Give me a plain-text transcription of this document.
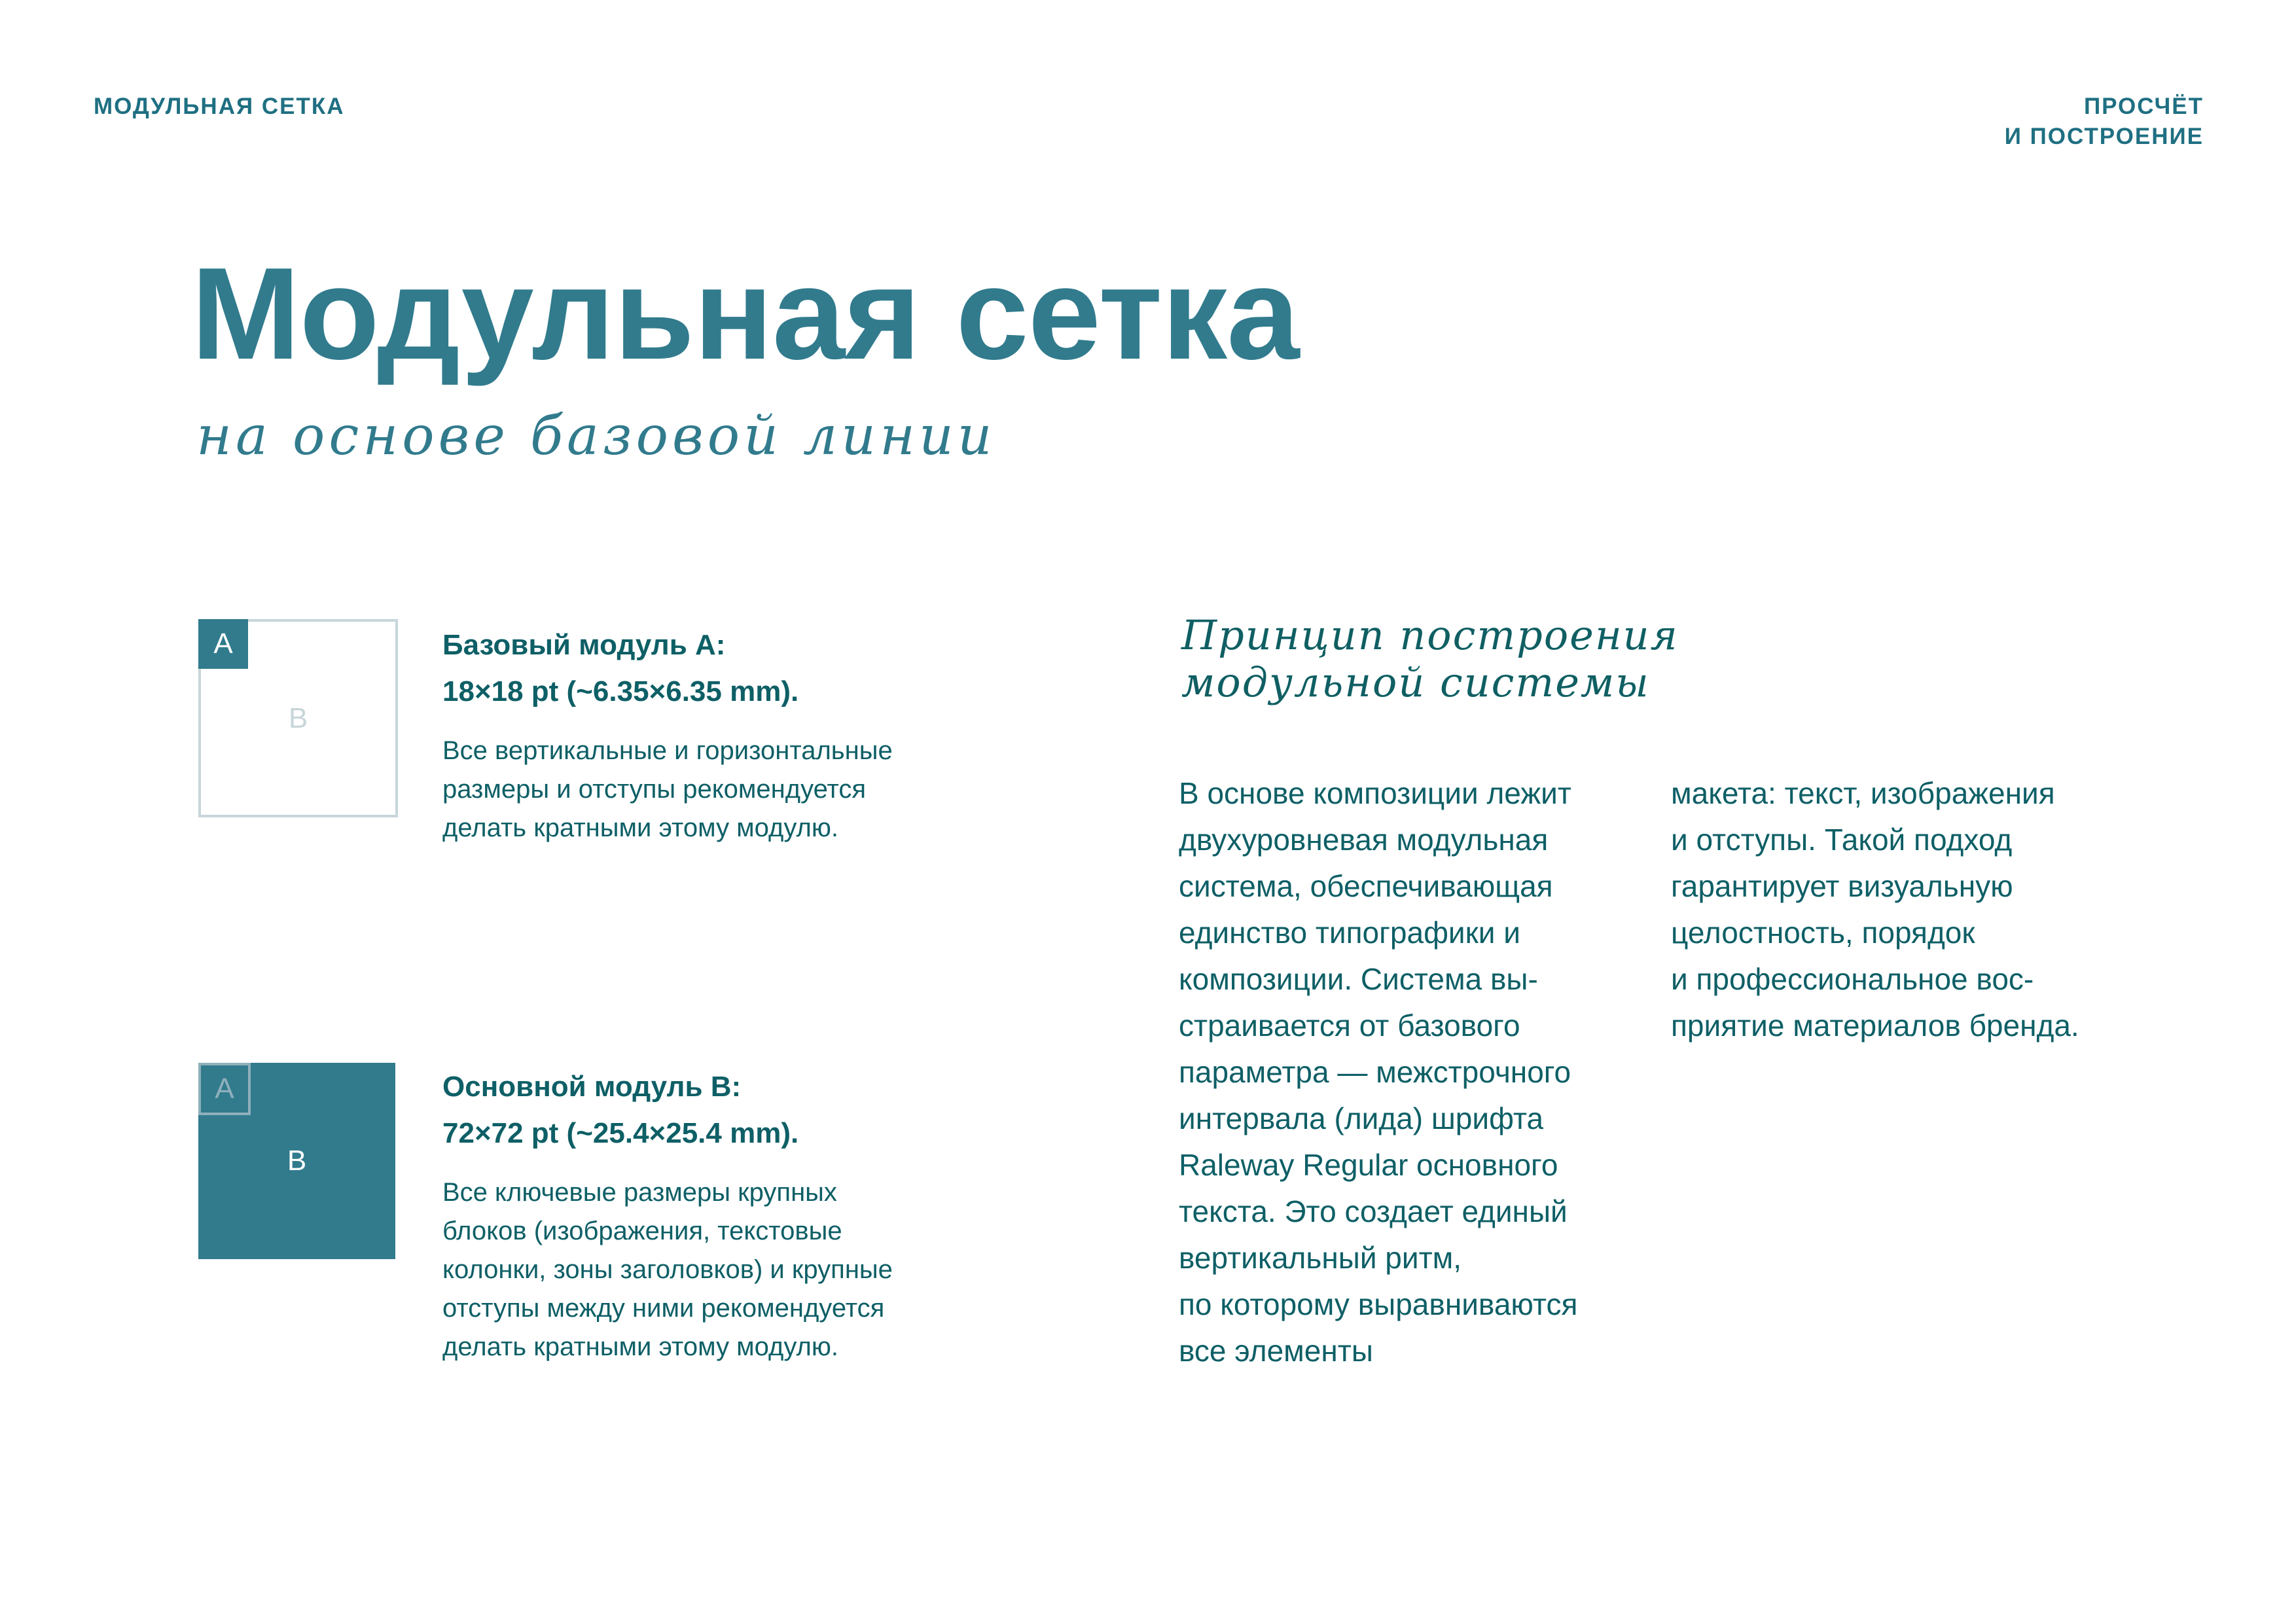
МОДУЛЬНАЯ СЕТКА	ПРОСЧЁТ
И ПОСТРОЕНИЕ
Модульная сетка
на основе базовой линии
B
A	Базовый модуль А:
18×18 pt (~6.35×6.35 mm).
Все вертикальные и горизонтальные
размеры и отступы рекомендуется
делать кратными этому модулю.
B
A	Основной модуль В:
72×72 pt (~25.4×25.4 mm).
Все ключевые размеры крупных
блоков (изображения, текстовые
колонки, зоны заголовков) и крупные
отступы между ними рекомендуется
делать кратными этому модулю.
Принцип построения
модульной системы
В основе композиции лежит
двухуровневая модульная
система, обеспечивающая
единство типографики и
композиции. Система вы-
страивается от базового
параметра — межстрочного
интервала (лида) шрифта
Raleway Regular основного
текста. Это создает единый
вертикальный ритм,
по которому выравниваются
все элементы
макета: текст, изображения
и отступы. Такой подход
гарантирует визуальную
целостность, порядок
и профессиональное вос-
приятие материалов бренда.
